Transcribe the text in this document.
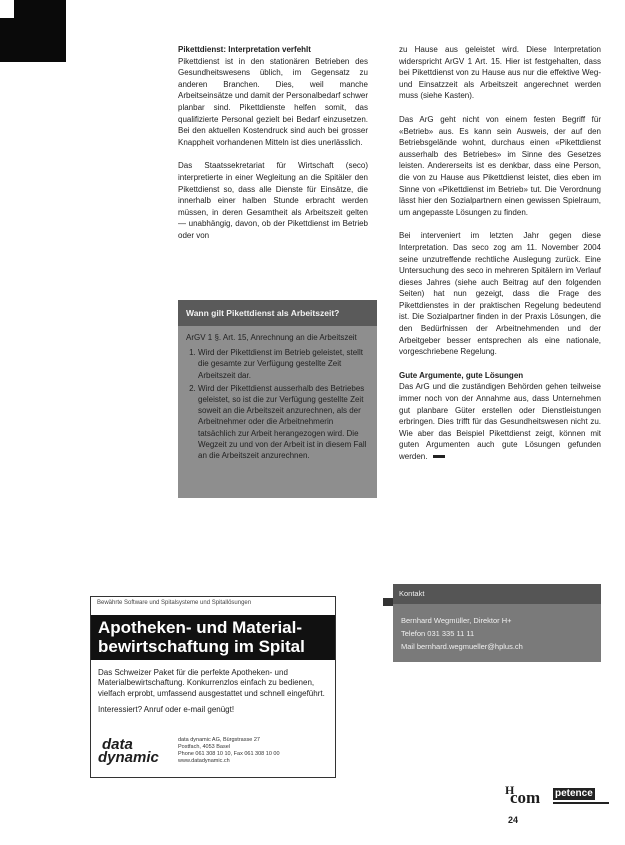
Pikettdienst: Interpretation verfehlt

Pikettdienst ist in den stationären Betrieben des Gesundheitswesens üblich, im Gegensatz zu anderen Branchen. Dies, weil manche Arbeitseinsätze und damit der Personalbedarf schwer planbar sind. Pikettdienste helfen somit, das qualifizierte Personal gezielt bei Bedarf einzusetzen. Bei den aktuellen Kostendruck sind auch bei grosser Knappheit vorhandenen Mitteln ist dies unerlässlich.

Das Staatssekretariat für Wirtschaft (seco) interpretierte in einer Wegleitung an die Spitäler den Pikettdienst so, dass alle Dienste für Einsätze, die innerhalb einer halben Stunde erbracht werden müssen, in deren Gesamtheit als Arbeitszeit gelten — unabhängig, davon, ob der Pikettdienst im Betrieb oder von

Wann gilt Pikettdienst als Arbeitszeit?
ArGV 1 §. Art. 15, Anrechnung an die Arbeitszeit
1. Wird der Pikettdienst im Betrieb geleistet, stellt die gesamte zur Verfügung gestellte Zeit Arbeitszeit dar.
2. Wird der Pikettdienst ausserhalb des Betriebes geleistet, so ist die zur Verfügung gestellte Zeit soweit an die Arbeitszeit anzurechnen, als der Arbeitnehmer oder die Arbeitnehmerin tatsächlich zur Arbeit herangezogen wird. Die Wegzeit zu und von der Arbeit ist in diesem Fall an die Arbeitszeit anzurechnen.

zu Hause aus geleistet wird. Diese Interpretation widerspricht ArGV 1 Art. 15. Hier ist festgehalten, dass bei Pikettdienst von zu Hause aus nur die effektive Weg- und Einsatzzeit als Arbeitszeit angerechnet werden muss (siehe Kasten).

Das ArG geht nicht von einem festen Begriff für «Betrieb» aus. Es kann sein Ausweis, der auf den Betriebsgelände wohnt, durchaus einen «Pikettdienst ausserhalb des Betriebes» im Sinne des Gesetzes leisten. Andererseits ist es denkbar, dass eine Person, die von zu Hause aus Pikettdienst leistet, dies eben im Sinne von «Pikettdienst im Betrieb» tut. Die Verordnung lässt hier den Sozialpartnern einen gewissen Spielraum, um angepasste Lösungen zu finden.

Bei interveniert im letzten Jahr gegen diese Interpretation. Das seco zog am 11. November 2004 seine unzutreffende rechtliche Auslegung zurück. Eine Untersuchung des seco in mehreren Spitälern im Verlauf dieses Jahres (siehe auch Beitrag auf den folgenden Seiten) hat nun gezeigt, dass die Frage des Pikettdienstes in der praktischen Regelung bedeutend ist. Die Sozialpartner finden in der Praxis Lösungen, die den Bedürfnissen der Arbeitnehmenden und der Arbeitgeber besser entsprechen als eine nationale, vorgeschriebene Regelung.

Gute Argumente, gute Lösungen

Das ArG und die zuständigen Behörden gehen teilweise immer noch von der Annahme aus, dass Unternehmen gut planbare Güter erstellen oder Dienstleistungen erbringen. Dies trifft für das Gesundheitswesen nicht zu. Wie aber das Beispiel Pikettdienst zeigt, können mit guten Argumenten auch gute Lösungen gefunden werden.

Kontakt
Bernhard Wegmüller, Direktor H+
Telefon 031 335 11 11
Mail bernhard.wegmueller@hplus.ch
Bewährte Software und Spitalsysteme und Spitallösungen
Apotheken- und Material-
bewirtschaftung im Spital
Das Schweizer Paket für die perfekte Apotheken- und Materialbewirtschaftung. Konkurrenzlos einfach zu bedienen, vielfach erprobt, umfassend ausgestattet und schnell eingeführt.
Interessiert? Anruf oder e-mail genügt!
data
dynamic
data dynamic AG, Bürgstrasse 27
Postfach, 4053 Basel
Phone 061 308 10 10, Fax 061 308 10 00
www.datadynamic.ch
H
com petence
24
